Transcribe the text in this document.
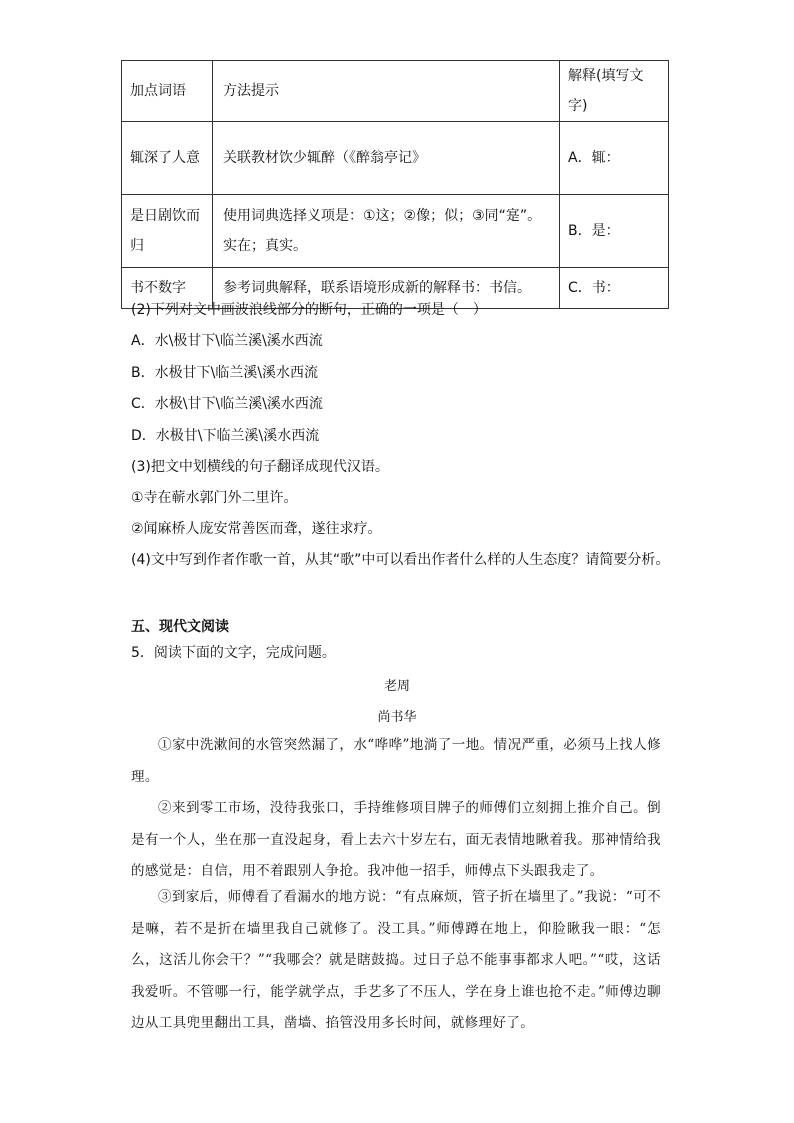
加点词语	方法提示	解释(填写文字)
辄深了人意	关联教材饮少辄醉（《醉翁亭记》	A．辄：
是日剧饮而归	使用词典选择义项是：①这；②像；似；③同“寔”。实在；真实。	B．是：
书不数字	参考词典解释，联系语境形成新的解释书：书信。	C．书：
(2)下列对文中画波浪线部分的断句，正确的一项是（　）
A．水\极甘下\临兰溪\溪水西流
B．水极甘下\临兰溪\溪水西流
C．水极\甘下\临兰溪\溪水西流
D．水极甘\下临兰溪\溪水西流
(3)把文中划横线的句子翻译成现代汉语。
①寺在蕲水郭门外二里许。
②闻麻桥人庞安常善医而聋，遂往求疗。
(4)文中写到作者作歌一首，从其“歌”中可以看出作者什么样的人生态度？请简要分析。
五、现代文阅读
5．阅读下面的文字，完成问题。
老周
尚书华
①家中洗漱间的水管突然漏了，水“哗哗”地淌了一地。情况严重，必须马上找人修理。
②来到零工市场，没待我张口，手持维修项目牌子的师傅们立刻拥上推介自己。倒是有一个人，坐在那一直没起身，看上去六十岁左右，面无表情地瞅着我。那神情给我的感觉是：自信，用不着跟别人争抢。我冲他一招手，师傅点下头跟我走了。
③到家后，师傅看了看漏水的地方说：“有点麻烦，管子折在墙里了。”我说：“可不是嘛，若不是折在墙里我自己就修了。没工具。”师傅蹲在地上，仰脸瞅我一眼：“怎么，这活儿你会干？”“我哪会？就是瞎鼓捣。过日子总不能事事都求人吧。”“哎，这话我爱听。不管哪一行，能学就学点，手艺多了不压人，学在身上谁也抢不走。”师傅边聊边从工具兜里翻出工具，凿墙、掐管没用多长时间，就修理好了。
